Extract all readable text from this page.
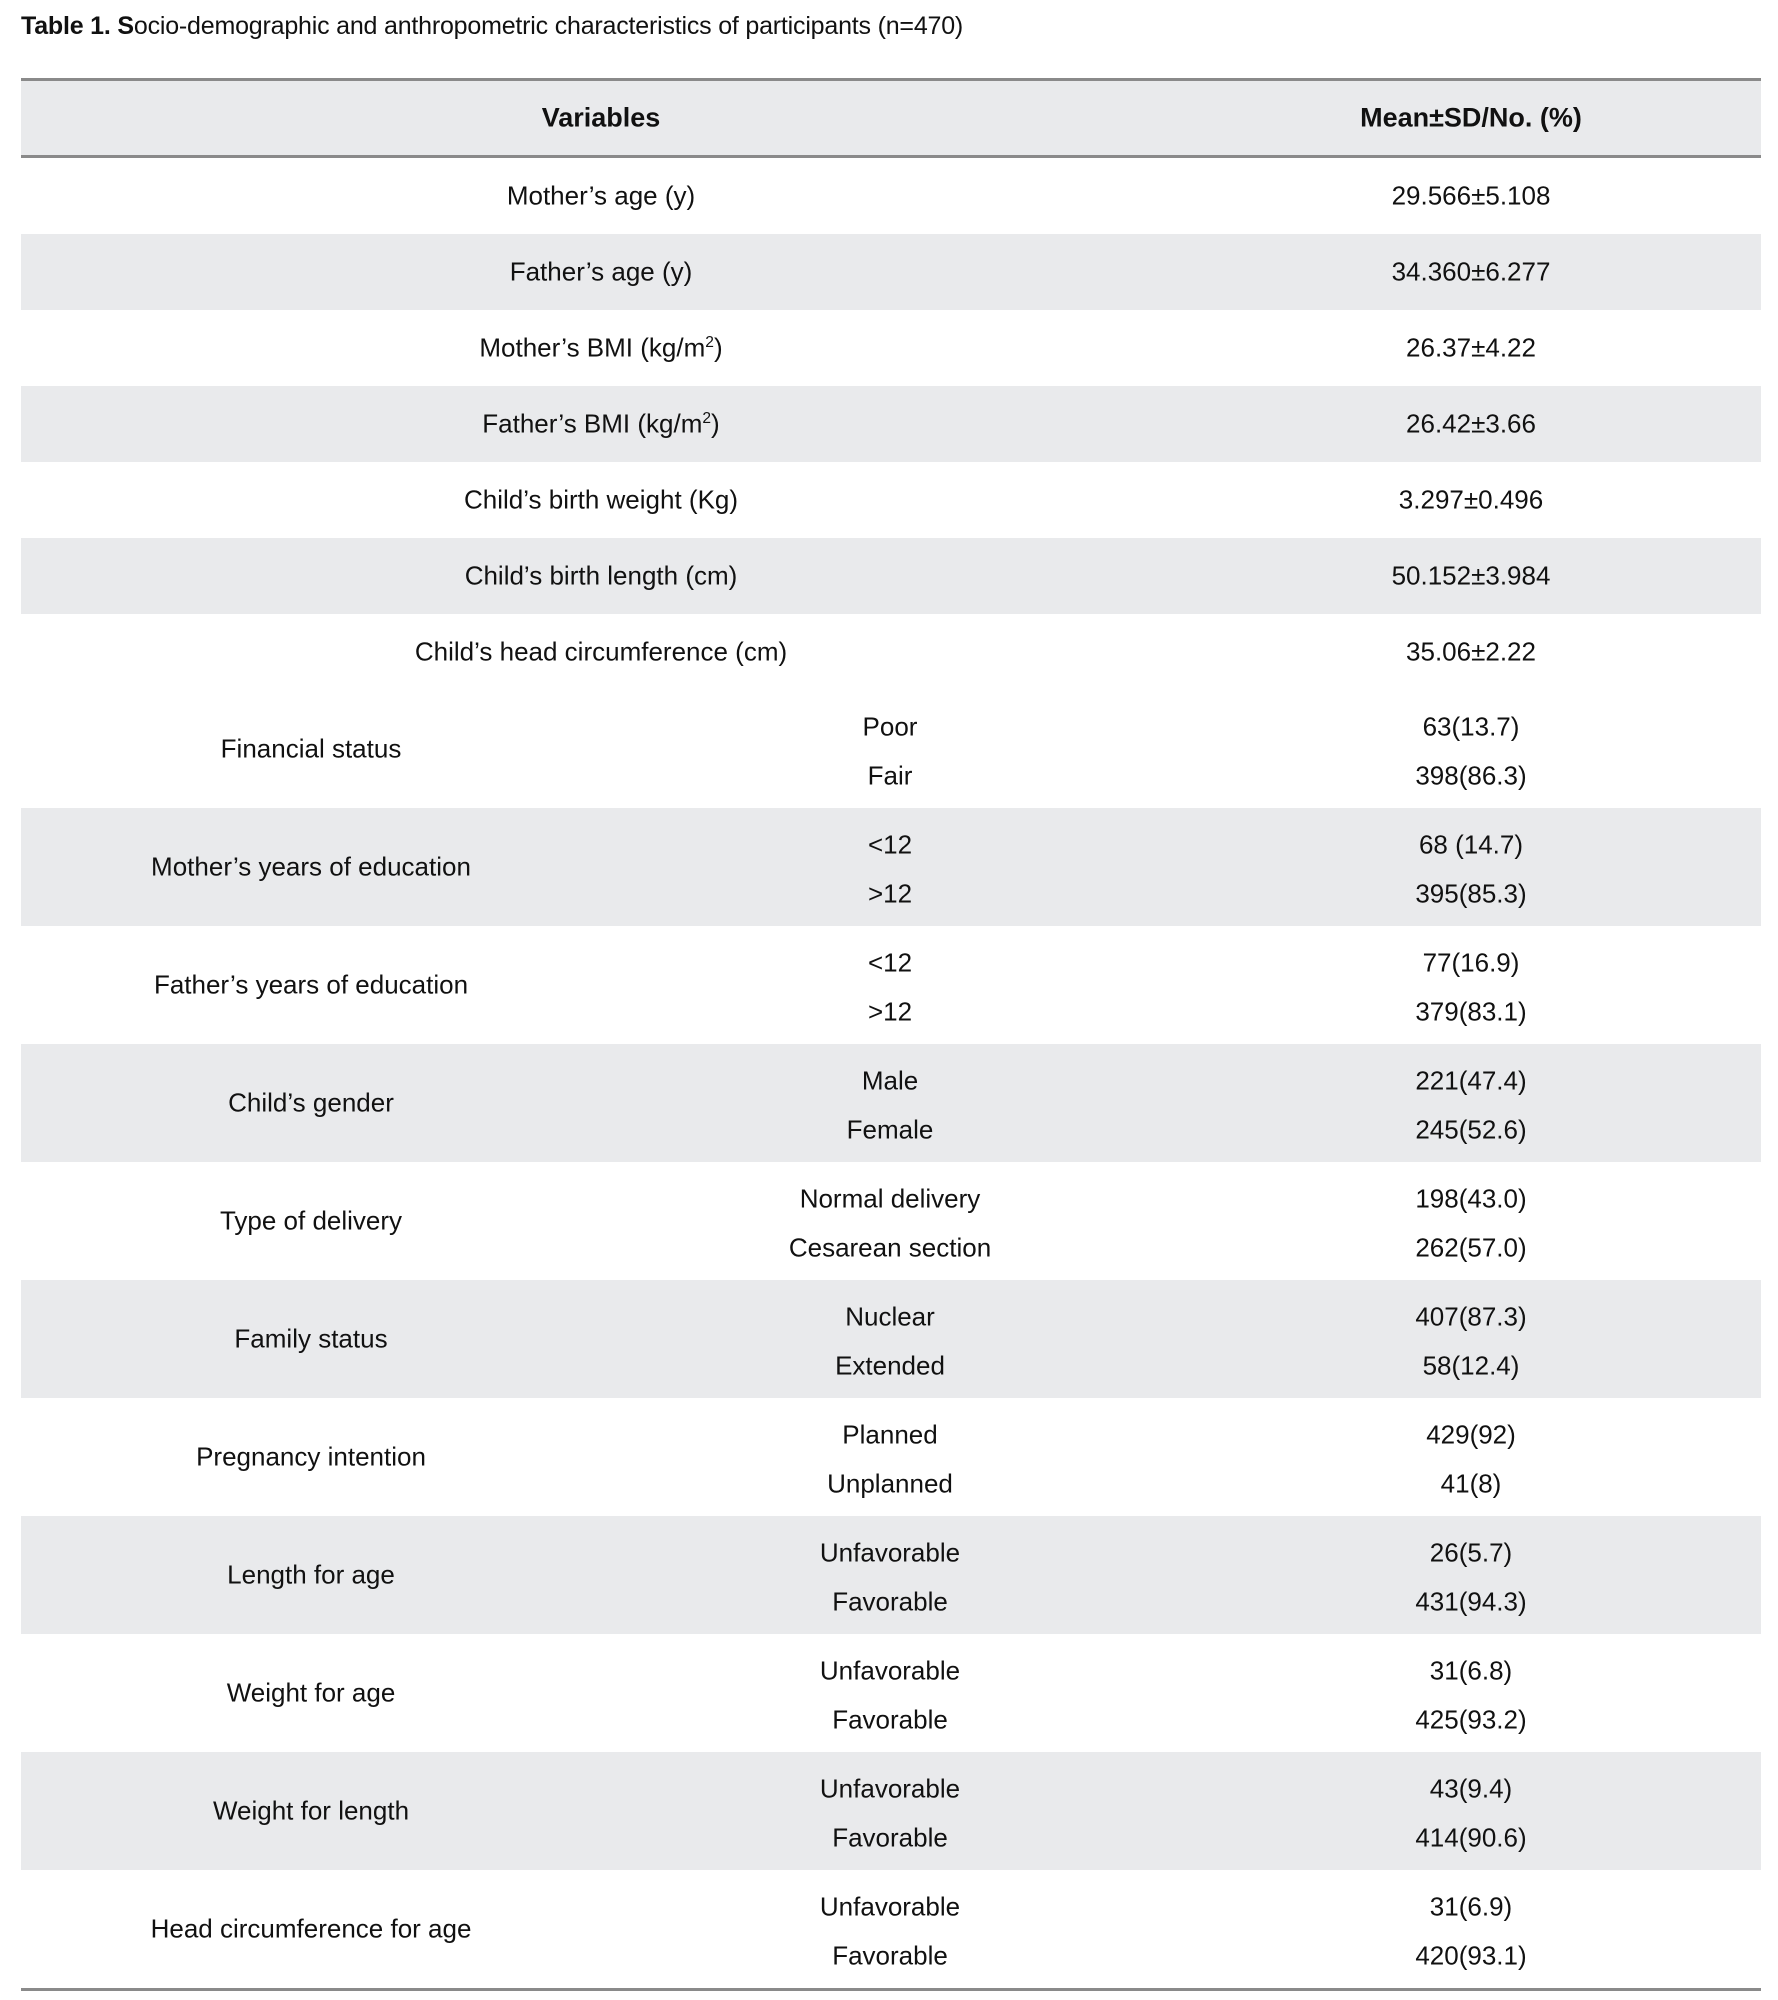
Table 1. Socio-demographic and anthropometric characteristics of participants (n=470)
Variables	Mean±SD/No. (%)
Mother’s age (y)	29.566±5.108
Father’s age (y)	34.360±6.277
Mother’s BMI $(kg/m^2)$	26.37±4.22
Father’s BMI $(kg/m^2)$	26.42±3.66
Child’s birth weight (Kg)	3.297±0.496
Child’s birth length (cm)	50.152±3.984
Child’s head circumference (cm)	35.06±2.22
Financial status
Poor	63(13.7)
Fair	398(86.3)
Mother’s years of education
<12	68 (14.7)
>12	395(85.3)
Father’s years of education
<12	77(16.9)
>12	379(83.1)
Child’s gender
Male	221(47.4)
Female	245(52.6)
Type of delivery
Normal delivery	198(43.0)
Cesarean section	262(57.0)
Family status
Nuclear	407(87.3)
Extended	58(12.4)
Pregnancy intention
Planned	429(92)
Unplanned	41(8)
Length for age
Unfavorable	26(5.7)
Favorable	431(94.3)
Weight for age
Unfavorable	31(6.8)
Favorable	425(93.2)
Weight for length
Unfavorable	43(9.4)
Favorable	414(90.6)
Head circumference for age
Unfavorable	31(6.9)
Favorable	420(93.1)
